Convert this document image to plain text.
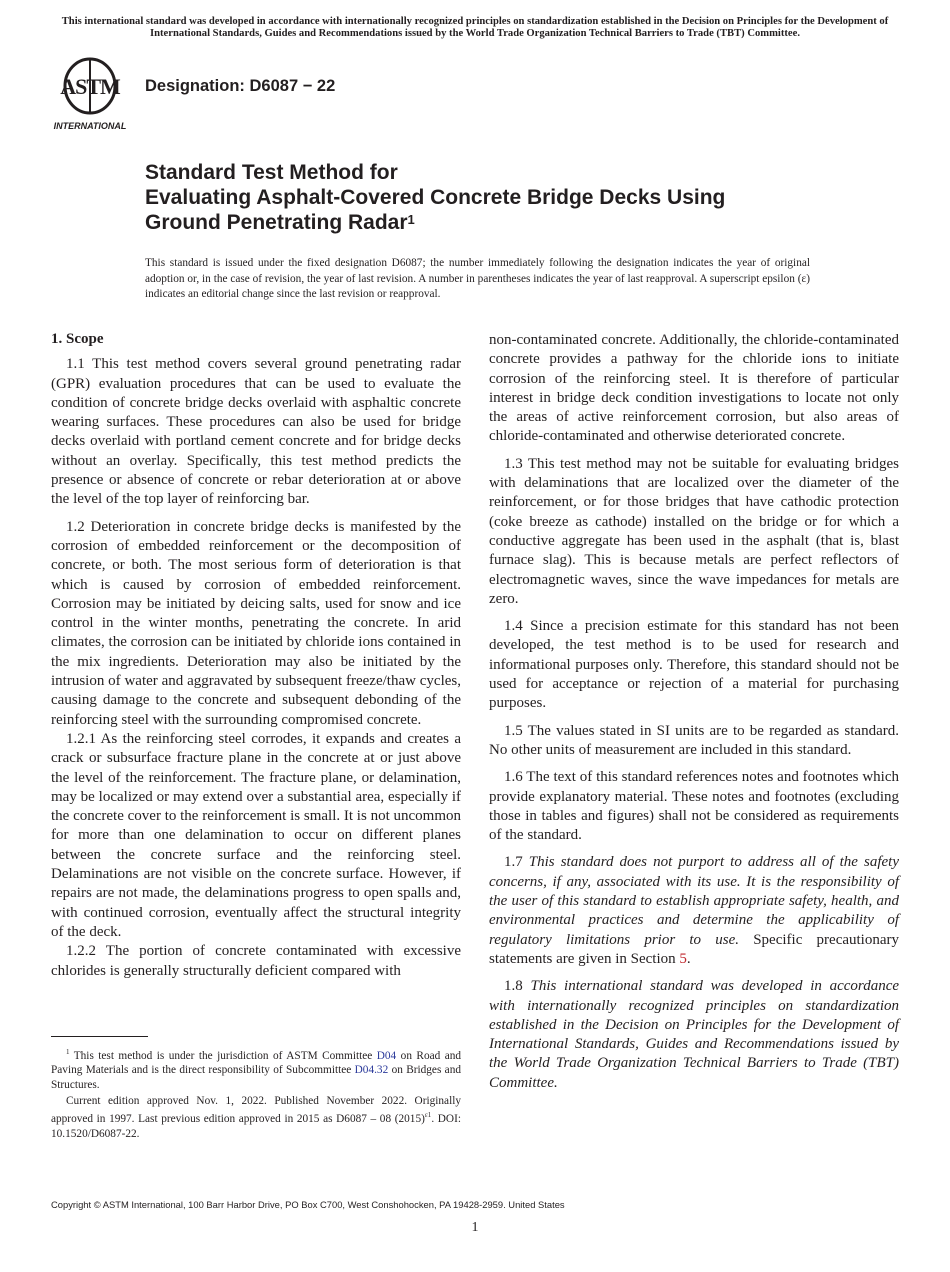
This international standard was developed in accordance with internationally recognized principles on standardization established in the Decision on Principles for the Development of International Standards, Guides and Recommendations issued by the World Trade Organization Technical Barriers to Trade (TBT) Committee.
ASTM
INTERNATIONAL
Designation: D6087 − 22
Standard Test Method for
Evaluating Asphalt-Covered Concrete Bridge Decks Using
Ground Penetrating Radar$^1$
This standard is issued under the fixed designation D6087; the number immediately following the designation indicates the year of original adoption or, in the case of revision, the year of last revision. A number in parentheses indicates the year of last reapproval. A superscript epsilon (ε) indicates an editorial change since the last revision or reapproval.

1. Scope

1.1 This test method covers several ground penetrating radar (GPR) evaluation procedures that can be used to evaluate the condition of concrete bridge decks overlaid with asphaltic concrete wearing surfaces. These procedures can also be used for bridge decks overlaid with portland cement concrete and for bridge decks without an overlay. Specifically, this test method predicts the presence or absence of concrete or rebar deterioration at or above the level of the top layer of reinforcing bar.

1.2 Deterioration in concrete bridge decks is manifested by the corrosion of embedded reinforcement or the decomposition of concrete, or both. The most serious form of deterioration is that which is caused by corrosion of embedded reinforcement. Corrosion may be initiated by deicing salts, used for snow and ice control in the winter months, penetrating the concrete. In arid climates, the corrosion can be initiated by chloride ions contained in the mix ingredients. Deterioration may also be initiated by the intrusion of water and aggravated by subsequent freeze/thaw cycles, causing damage to the concrete and subsequent debonding of the reinforcing steel with the surrounding compromised concrete.

1.2.1 As the reinforcing steel corrodes, it expands and creates a crack or subsurface fracture plane in the concrete at or just above the level of the reinforcement. The fracture plane, or delamination, may be localized or may extend over a substantial area, especially if the concrete cover to the reinforcement is small. It is not uncommon for more than one delamination to occur on different planes between the concrete surface and the reinforcing steel. Delaminations are not visible on the concrete surface. However, if repairs are not made, the delaminations progress to open spalls and, with continued corrosion, eventually affect the structural integrity of the deck.

1.2.2 The portion of concrete contaminated with excessive chlorides is generally structurally deficient compared with

non-contaminated concrete. Additionally, the chloride-contaminated concrete provides a pathway for the chloride ions to initiate corrosion of the reinforcing steel. It is therefore of particular interest in bridge deck condition investigations to locate not only the areas of active reinforcement corrosion, but also areas of chloride-contaminated and otherwise deteriorated concrete.

1.3 This test method may not be suitable for evaluating bridges with delaminations that are localized over the diameter of the reinforcement, or for those bridges that have cathodic protection (coke breeze as cathode) installed on the bridge or for which a conductive aggregate has been used in the asphalt (that is, blast furnace slag). This is because metals are perfect reflectors of electromagnetic waves, since the wave impedances for metals are zero.

1.4 Since a precision estimate for this standard has not been developed, the test method is to be used for research and informational purposes only. Therefore, this standard should not be used for acceptance or rejection of a material for purchasing purposes.

1.5 The values stated in SI units are to be regarded as standard. No other units of measurement are included in this standard.

1.6 The text of this standard references notes and footnotes which provide explanatory material. These notes and footnotes (excluding those in tables and figures) shall not be considered as requirements of the standard.

1.7 This standard does not purport to address all of the safety concerns, if any, associated with its use. It is the responsibility of the user of this standard to establish appropriate safety, health, and environmental practices and determine the applicability of regulatory limitations prior to use. Specific precautionary statements are given in Section 5.

1.8 This international standard was developed in accordance with internationally recognized principles on standardization established in the Decision on Principles for the Development of International Standards, Guides and Recommendations issued by the World Trade Organization Technical Barriers to Trade (TBT) Committee.

$^1$ This test method is under the jurisdiction of ASTM Committee D04 on Road and Paving Materials and is the direct responsibility of Subcommittee D04.32 on Bridges and Structures.

Current edition approved Nov. 1, 2022. Published November 2022. Originally approved in 1997. Last previous edition approved in 2015 as D6087 – 08 $(2015)^{\varepsilon 1}$. DOI: 10.1520/D6087-22.

Copyright © ASTM International, 100 Barr Harbor Drive, PO Box C700, West Conshohocken, PA 19428-2959. United States
1
